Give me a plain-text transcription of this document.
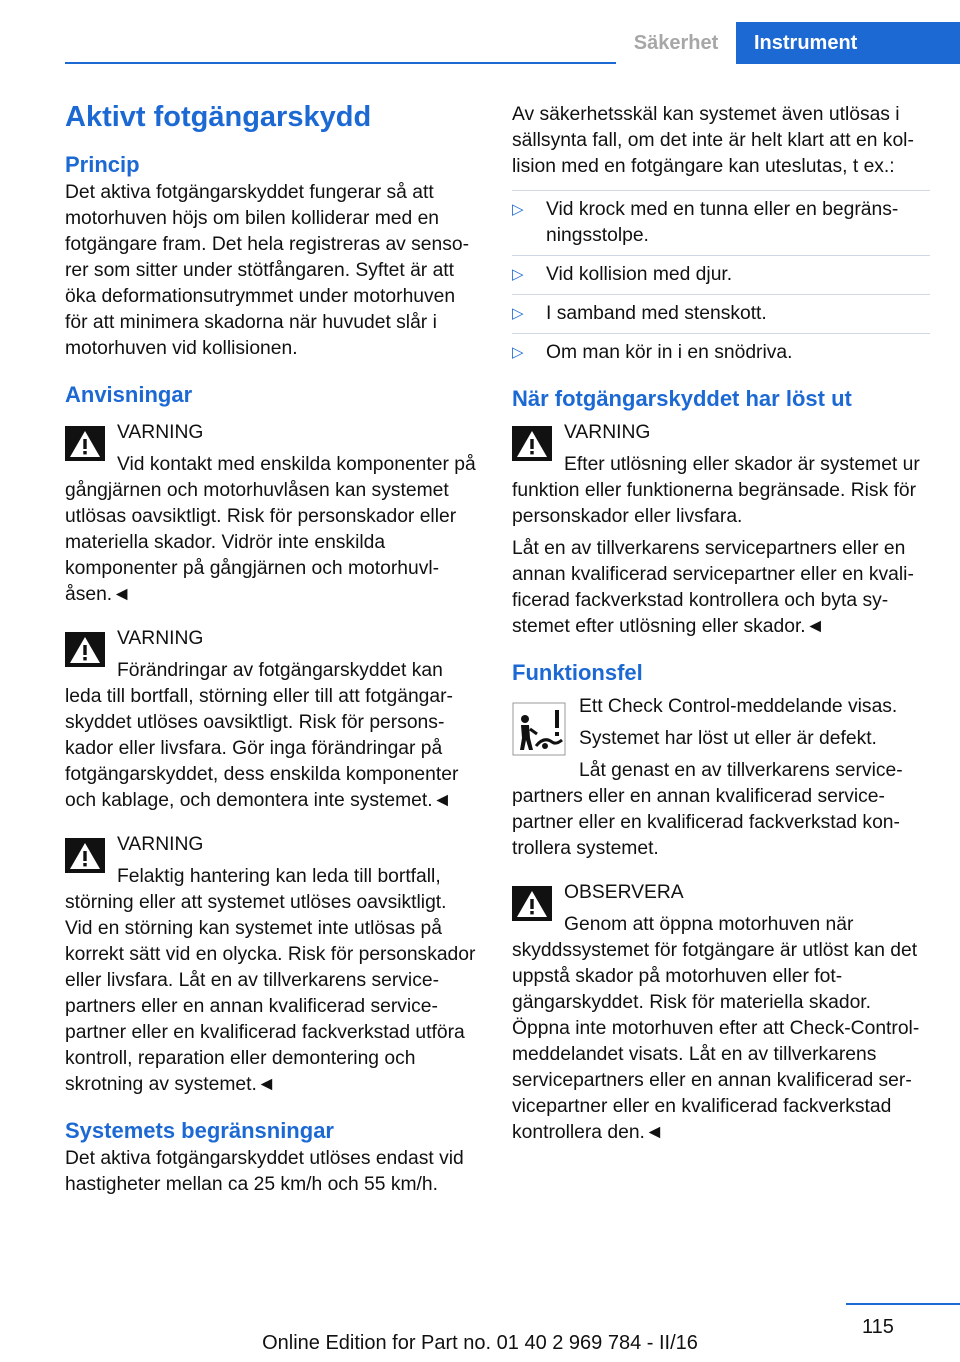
Säkerhet	Instrument
Aktivt fotgängarskydd
Princip

Det aktiva fotgängarskyddet fungerar så att motorhuven höjs om bilen kolliderar med en fotgängare fram. Det hela registreras av sensorer som sitter under stötfångaren. Syftet är att öka deformationsutrymmet under motorhuven för att minimera skadorna när huvudet slår i motorhuven vid kollisionen.

Anvisningar

VARNING

Vid kontakt med enskilda komponenter på gångjärnen och motorhuvlåsen kan systemet utlösas oavsiktligt. Risk för personskador eller materiella skador. Vidrör inte enskilda komponenter på gångjärnen och motorhuvlåsen.◄

VARNING

Förändringar av fotgängarskyddet kan leda till bortfall, störning eller till att fotgängarskyddet utlöses oavsiktligt. Risk för personskador eller livsfara. Gör inga förändringar på fotgängarskyddet, dess enskilda komponenter och kablage, och demontera inte systemet.◄

VARNING

Felaktig hantering kan leda till bortfall, störning eller att systemet utlöses oavsiktligt. Vid en störning kan systemet inte utlösas på korrekt sätt vid en olycka. Risk för personskador eller livsfara. Låt en av tillverkarens servicepartners eller en annan kvalificerad servicepartner eller en kvalificerad fackverkstad utföra kontroll, reparation eller demontering och skrotning av systemet.◄

Systemets begränsningar

Det aktiva fotgängarskyddet utlöses endast vid hastigheter mellan ca 25 km/h och 55 km/h.

Av säkerhetsskäl kan systemet även utlösas i sällsynta fall, om det inte är helt klart att en kollision med en fotgängare kan uteslutas, t ex.:

▷ Vid krock med en tunna eller en begränsningsstolpe.
▷ Vid kollision med djur.
▷ I samband med stenskott.
▷ Om man kör in i en snödriva.
När fotgängarskyddet har löst ut

VARNING

Efter utlösning eller skador är systemet ur funktion eller funktionerna begränsade. Risk för personskador eller livsfara.

Låt en av tillverkarens servicepartners eller en annan kvalificerad servicepartner eller en kvalificerad fackverkstad kontrollera och byta systemet efter utlösning eller skador.◄

Funktionsfel

Ett Check Control-meddelande visas.

Systemet har löst ut eller är defekt.

Låt genast en av tillverkarens servicepartners eller en annan kvalificerad servicepartner eller en kvalificerad fackverkstad kontrollera systemet.

OBSERVERA

Genom att öppna motorhuven när skyddssystemet för fotgängare är utlöst kan det uppstå skador på motorhuven eller fotgängarskyddet. Risk för materiella skador. Öppna inte motorhuven efter att Check-Control-meddelandet visats. Låt en av tillverkarens servicepartners eller en annan kvalificerad servicepartner eller en kvalificerad fackverkstad kontrollera den.◄

115
Online Edition for Part no. 01 40 2 969 784 - II/16
